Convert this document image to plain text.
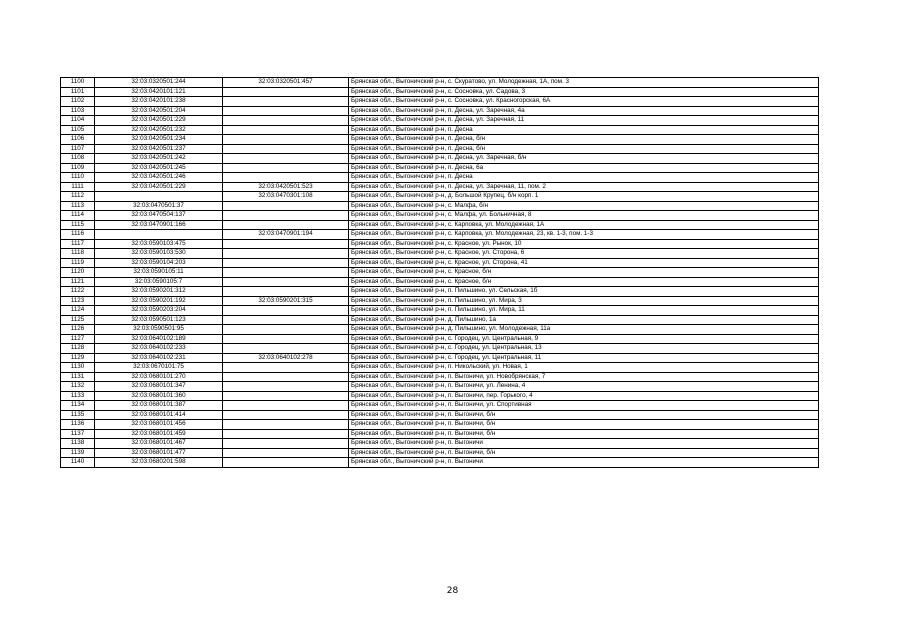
1100	32:03:0320501:244	32:03:0320501:457	Брянская обл., Выгоничский р-н, с. Скуратово, ул. Молодежная, 1А, пом. 3
1101	32:03:0420101:121		Брянская обл., Выгоничский р-н, с. Сосновка, ул. Садова, 3
1102	32:03:0420101:238		Брянская обл., Выгоничский р-н, с. Сосновка, ул. Красногорская, 6А
1103	32:03:0420501:204		Брянская обл., Выгоничский р-н, п. Десна, ул. Заречная, 4а
1104	32:03:0420501:229		Брянская обл., Выгоничский р-н, п. Десна, ул. Заречная, 11
1105	32:03:0420501:232		Брянская обл., Выгоничский р-н, п. Десна
1106	32:03:0420501:234		Брянская обл., Выгоничский р-н, п. Десна, б/н
1107	32:03:0420501:237		Брянская обл., Выгоничский р-н, п. Десна, б/н
1108	32:03:0420501:242		Брянская обл., Выгоничский р-н, п. Десна, ул. Заречная, б/н
1109	32:03:0420501:245		Брянская обл., Выгоничский р-н, п. Десна, 6а
1110	32:03:0420501:246		Брянская обл., Выгоничский р-н, п. Десна
1111	32:03:0420501:229	32:03:0420501:523	Брянская обл., Выгоничский р-н, п. Десна, ул. Заречная, 11, пом. 2
1112		32:03:0470301:108	Брянская обл., Выгоничский р-н, д. Большой Крупец, б/н корп. 1
1113	32:03:0470501:37		Брянская обл., Выгоничский р-н, с. Малфа, б/н
1114	32:03:0470504:137		Брянская обл., Выгоничский р-н, с. Малфа, ул. Больничная, 8
1115	32:03:0470901:166		Брянская обл., Выгоничский р-н, с. Карповка, ул. Молодежная, 1А
1116		32:03:0470901:194	Брянская обл., Выгоничский р-н, с. Карповка, ул. Молодежная, 23, кв. 1-3, пом. 1-3
1117	32:03:0590103:475		Брянская обл., Выгоничский р-н, с. Красное, ул. Рынок, 10
1118	32:03:0590103:530		Брянская обл., Выгоничский р-н, с. Красное, ул. Сторона, 6
1119	32:03:0590104:203		Брянская обл., Выгоничский р-н, с. Красное, ул. Сторона, 41
1120	32:03:0590105:11		Брянская обл., Выгоничский р-н, с. Красное, б/н
1121	32:03:0590105:7		Брянская обл., Выгоничский р-н, с. Красное, б/н
1122	32:03:0590201:312		Брянская обл., Выгоничский р-н, п. Пильшино, ул. Сельская, 1б
1123	32:03:0590201:192	32:03:0590201:315	Брянская обл., Выгоничский р-н, п. Пильшино, ул. Мира, 3
1124	32:03:0590203:204		Брянская обл., Выгоничский р-н, п. Пильшино, ул. Мира, 11
1125	32:03:0590501:123		Брянская обл., Выгоничский р-н, д. Пильшино, 1а
1126	32:03:0590501:95		Брянская обл., Выгоничский р-н, д. Пильшино, ул. Молодежная, 11а
1127	32:03:0640102:189		Брянская обл., Выгоничский р-н, с. Городец, ул. Центральная, 9
1128	32:03:0640102:233		Брянская обл., Выгоничский р-н, с. Городец, ул. Центральная, 13
1129	32:03:0640102:231	32:03:0640102:278	Брянская обл., Выгоничский р-н, с. Городец, ул. Центральная, 11
1130	32:03:0670101:75		Брянская обл., Выгоничский р-н, п. Никольский, ул. Новая, 1
1131	32:03:0680101:270		Брянская обл., Выгоничский р-н, п. Выгоничи, ул. Новобрянская, 7
1132	32:03:0680101:347		Брянская обл., Выгоничский р-н, п. Выгоничи, ул. Ленина, 4
1133	32:03:0680101:360		Брянская обл., Выгоничский р-н, п. Выгоничи, пер. Горького, 4
1134	32:03:0680101:387		Брянская обл., Выгоничский р-н, п. Выгоничи, ул. Спортивная
1135	32:03:0680101:414		Брянская обл., Выгоничский р-н, п. Выгоничи, б/н
1136	32:03:0680101:456		Брянская обл., Выгоничский р-н, п. Выгоничи, б/н
1137	32:03:0680101:459		Брянская обл., Выгоничский р-н, п. Выгоничи, б/н
1138	32:03:0680101:467		Брянская обл., Выгоничский р-н, п. Выгоничи
1139	32:03:0680101:477		Брянская обл., Выгоничский р-н, п. Выгоничи, б/н
1140	32:03:0680201:598		Брянская обл., Выгоничский р-н, п. Выгоничи
28
